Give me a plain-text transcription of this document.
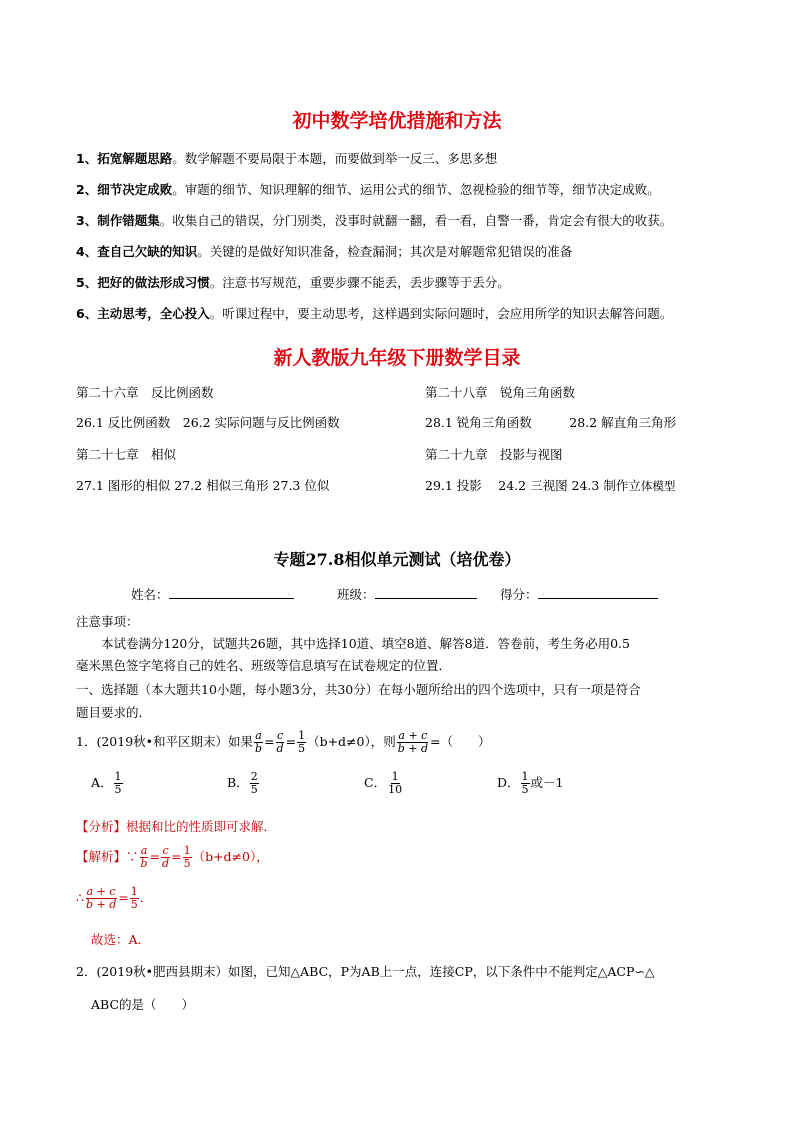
初中数学培优措施和方法
1、拓宽解题思路。数学解题不要局限于本题，而要做到举一反三、多思多想
2、细节决定成败。审题的细节、知识理解的细节、运用公式的细节、忽视检验的细节等，细节决定成败。
3、制作错题集。收集自己的错误，分门别类，没事时就翻一翻，看一看，自警一番，肯定会有很大的收获。
4、查自己欠缺的知识。关键的是做好知识准备，检查漏洞；其次是对解题常犯错误的准备
5、把好的做法形成习惯。注意书写规范，重要步骤不能丢，丢步骤等于丢分。
6、主动思考，全心投入。听课过程中，要主动思考，这样遇到实际问题时，会应用所学的知识去解答问题。
新人教版九年级下册数学目录
第二十六章　反比例函数
26.1 反比例函数　26.2 实际问题与反比例函数
第二十七章　相似
27.1 图形的相似 27.2 相似三角形 27.3 位似
第二十八章　锐角三角函数
28.1 锐角三角函数　　　28.2 解直角三角形
第二十九章　投影与视图
29.1 投影　 24.2 三视图 24.3 制作立体模型
专题27.8相似单元测试（培优卷）
姓名：	班级：	得分：
注意事项：
本试卷满分120分，试题共26题，其中选择10道、填空8道、解答8道．答卷前，考生务必用0.5
毫米黑色签字笔将自己的姓名、班级等信息填写在试卷规定的位置．
一、选择题（本大题共10小题，每小题3分，共30分）在每小题所给出的四个选项中，只有一项是符合
题目要求的．
1．(2019秋•和平区期末）如果 $\frac{a}{b} = \frac{c}{d} = \frac{1}{5} (b+d\ne 0)$，则 $\frac{a + c}{b + d}$ =（　　）
A． $\frac{1}{5}$	B． $\frac{2}{5}$	C． $\frac{1}{10}$	D． $\frac{1}{5}$ 或－1
【分析】根据和比的性质即可求解．
【解析】∵ $\frac{a}{b} = \frac{c}{d} = \frac{1}{5} (b+d\ne 0)$，
∴ $\frac{a + c}{b + d} = \frac{1}{5}$ ．
故选：A．
2．(2019秋•肥西县期末）如图，已知△ABC，P为AB上一点，连接CP，以下条件中不能判定△ACP∽△
ABC的是（　　）
